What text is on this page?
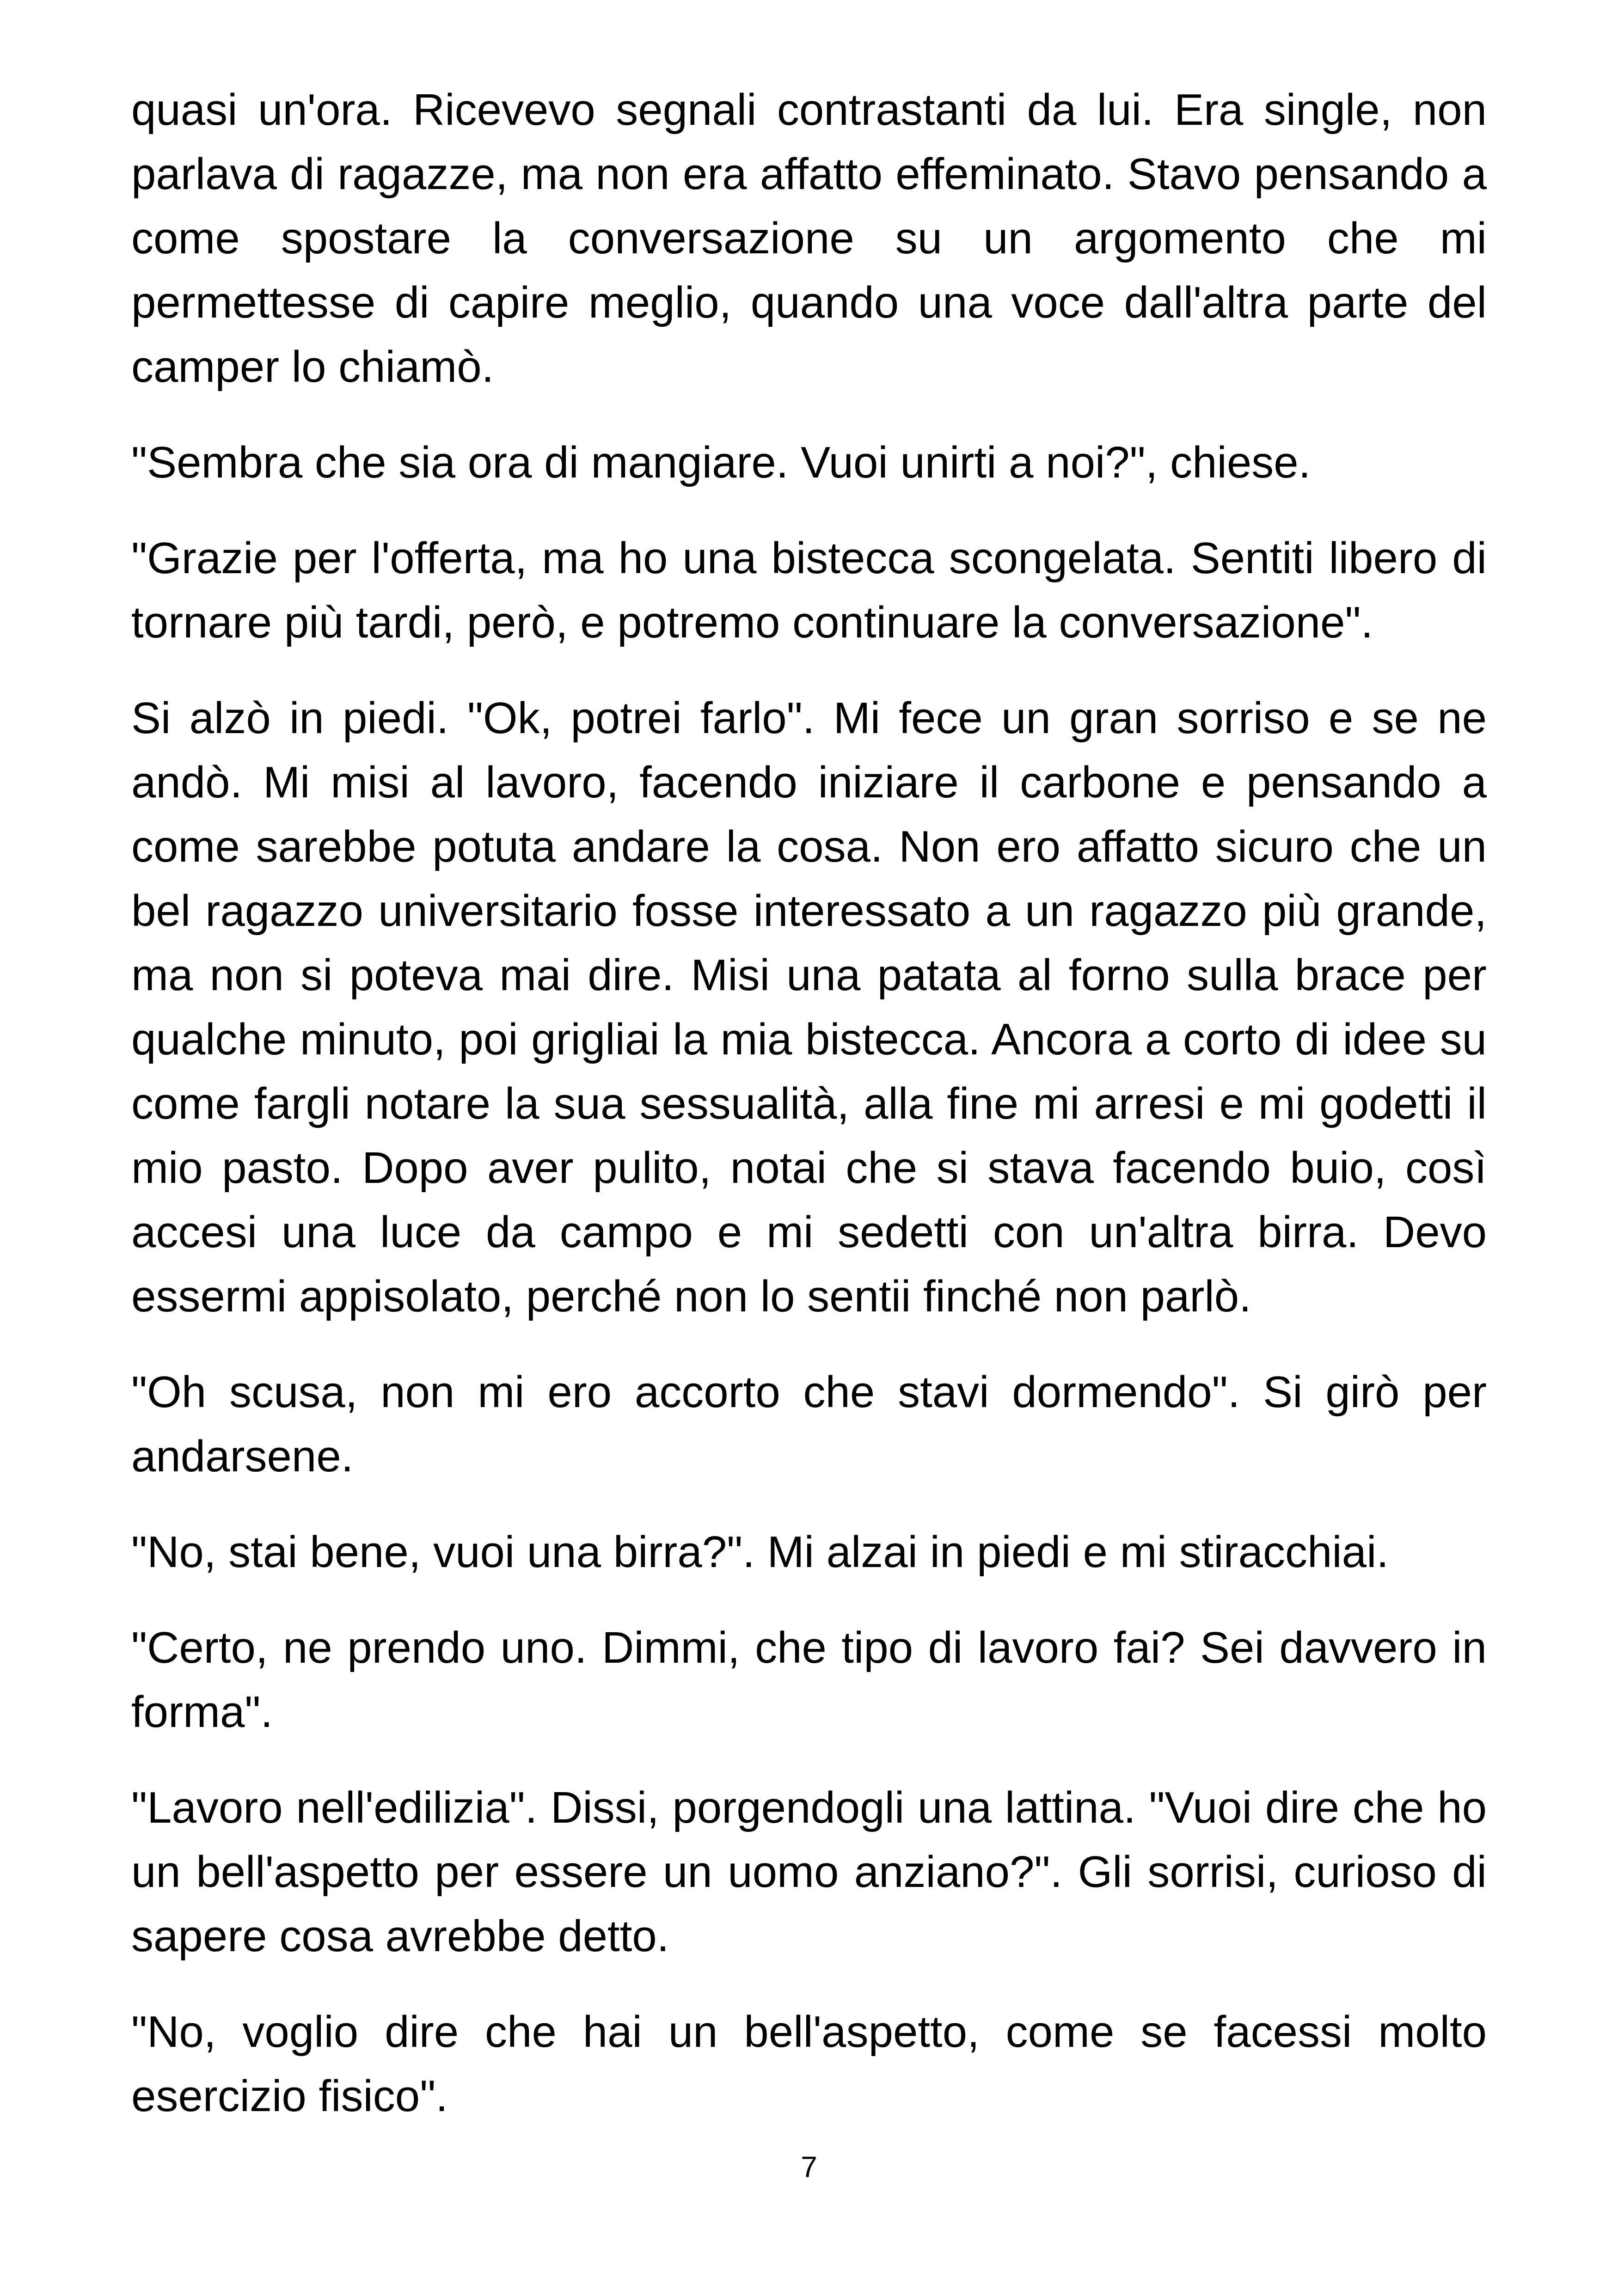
quasi un'ora. Ricevevo segnali contrastanti da lui. Era single, non parlava di ragazze, ma non era affatto effeminato. Stavo pensando a come spostare la conversazione su un argomento che mi permettesse di capire meglio, quando una voce dall'altra parte del camper lo chiamò.

"Sembra che sia ora di mangiare. Vuoi unirti a noi?", chiese.

"Grazie per l'offerta, ma ho una bistecca scongelata. Sentiti libero di tornare più tardi, però, e potremo continuare la conversazione".

Si alzò in piedi. "Ok, potrei farlo". Mi fece un gran sorriso e se ne andò. Mi misi al lavoro, facendo iniziare il carbone e pensando a come sarebbe potuta andare la cosa. Non ero affatto sicuro che un bel ragazzo universitario fosse interessato a un ragazzo più grande, ma non si poteva mai dire. Misi una patata al forno sulla brace per qualche minuto, poi grigliai la mia bistecca. Ancora a corto di idee su come fargli notare la sua sessualità, alla fine mi arresi e mi godetti il mio pasto. Dopo aver pulito, notai che si stava facendo buio, così accesi una luce da campo e mi sedetti con un'altra birra. Devo essermi appisolato, perché non lo sentii finché non parlò.

"Oh scusa, non mi ero accorto che stavi dormendo". Si girò per andarsene.

"No, stai bene, vuoi una birra?". Mi alzai in piedi e mi stiracchiai.

"Certo, ne prendo uno. Dimmi, che tipo di lavoro fai? Sei davvero in forma".

"Lavoro nell'edilizia". Dissi, porgendogli una lattina. "Vuoi dire che ho un bell'aspetto per essere un uomo anziano?". Gli sorrisi, curioso di sapere cosa avrebbe detto.

"No, voglio dire che hai un bell'aspetto, come se facessi molto esercizio fisico".

7
